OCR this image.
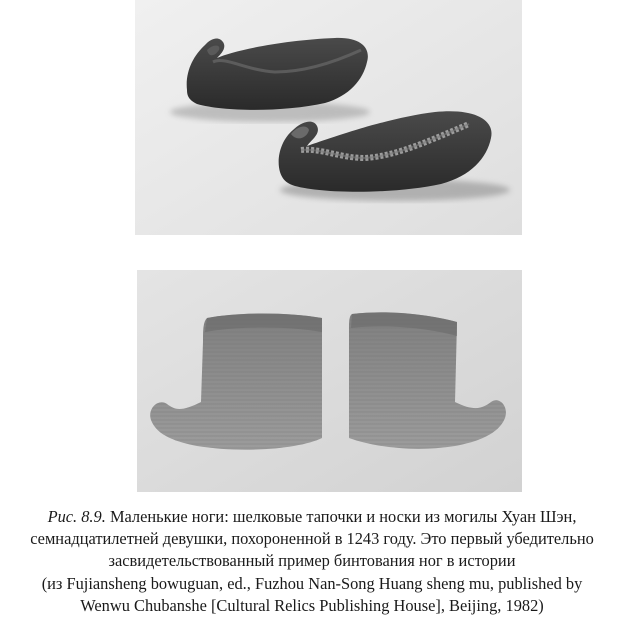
Рис. 8.9. Маленькие ноги: шелковые тапочки и носки из могилы Хуан Шэн,
семнадцатилетней девушки, похороненной в 1243 году. Это первый убедительно
засвидетельствованный пример бинтования ног в истории
(из Fujiansheng bowuguan, ed., Fuzhou Nan-Song Huang sheng mu, published by
Wenwu Chubanshe [Cultural Relics Publishing House], Beijing, 1982)
